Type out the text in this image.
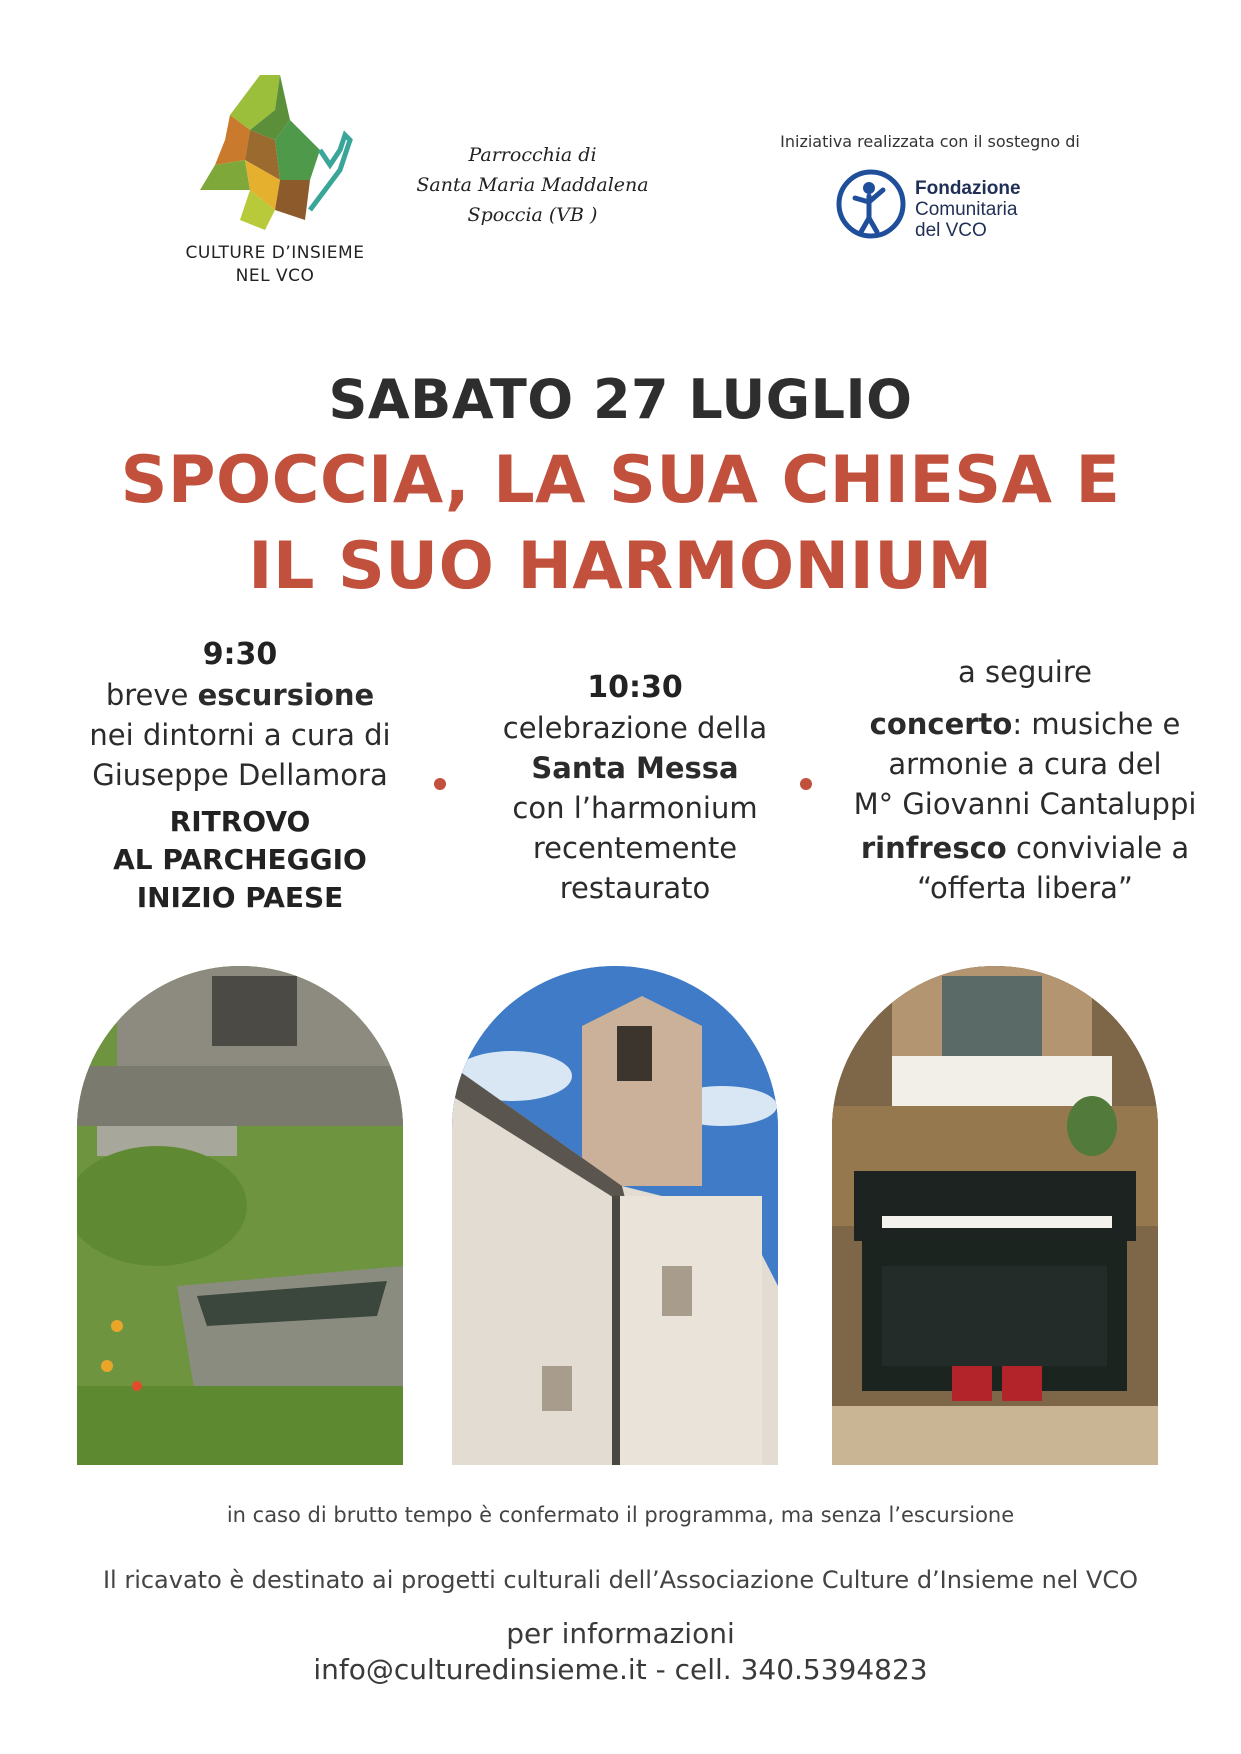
CULTURE D’INSIEME
NEL VCO
Parrocchia di
Santa Maria Maddalena
Spoccia (VB )
Iniziativa realizzata con il sostegno di
Fondazione
Comunitaria
del VCO
SABATO 27 LUGLIO
SPOCCIA, LA SUA CHIESA E
IL SUO HARMONIUM
9:30
breve escursione
nei dintorni a cura di
Giuseppe Dellamora
RITROVO
AL PARCHEGGIO
INIZIO PAESE
10:30
celebrazione della
Santa Messa
con l’harmonium
recentemente
restaurato
a seguire
concerto: musiche e
armonie a cura del
M° Giovanni Cantaluppi
rinfresco conviviale a
“offerta libera”
in caso di brutto tempo è confermato il programma, ma senza l’escursione
Il ricavato è destinato ai progetti culturali dell’Associazione Culture d’Insieme nel VCO
per informazioni
info@culturedinsieme.it - cell. 340.5394823
